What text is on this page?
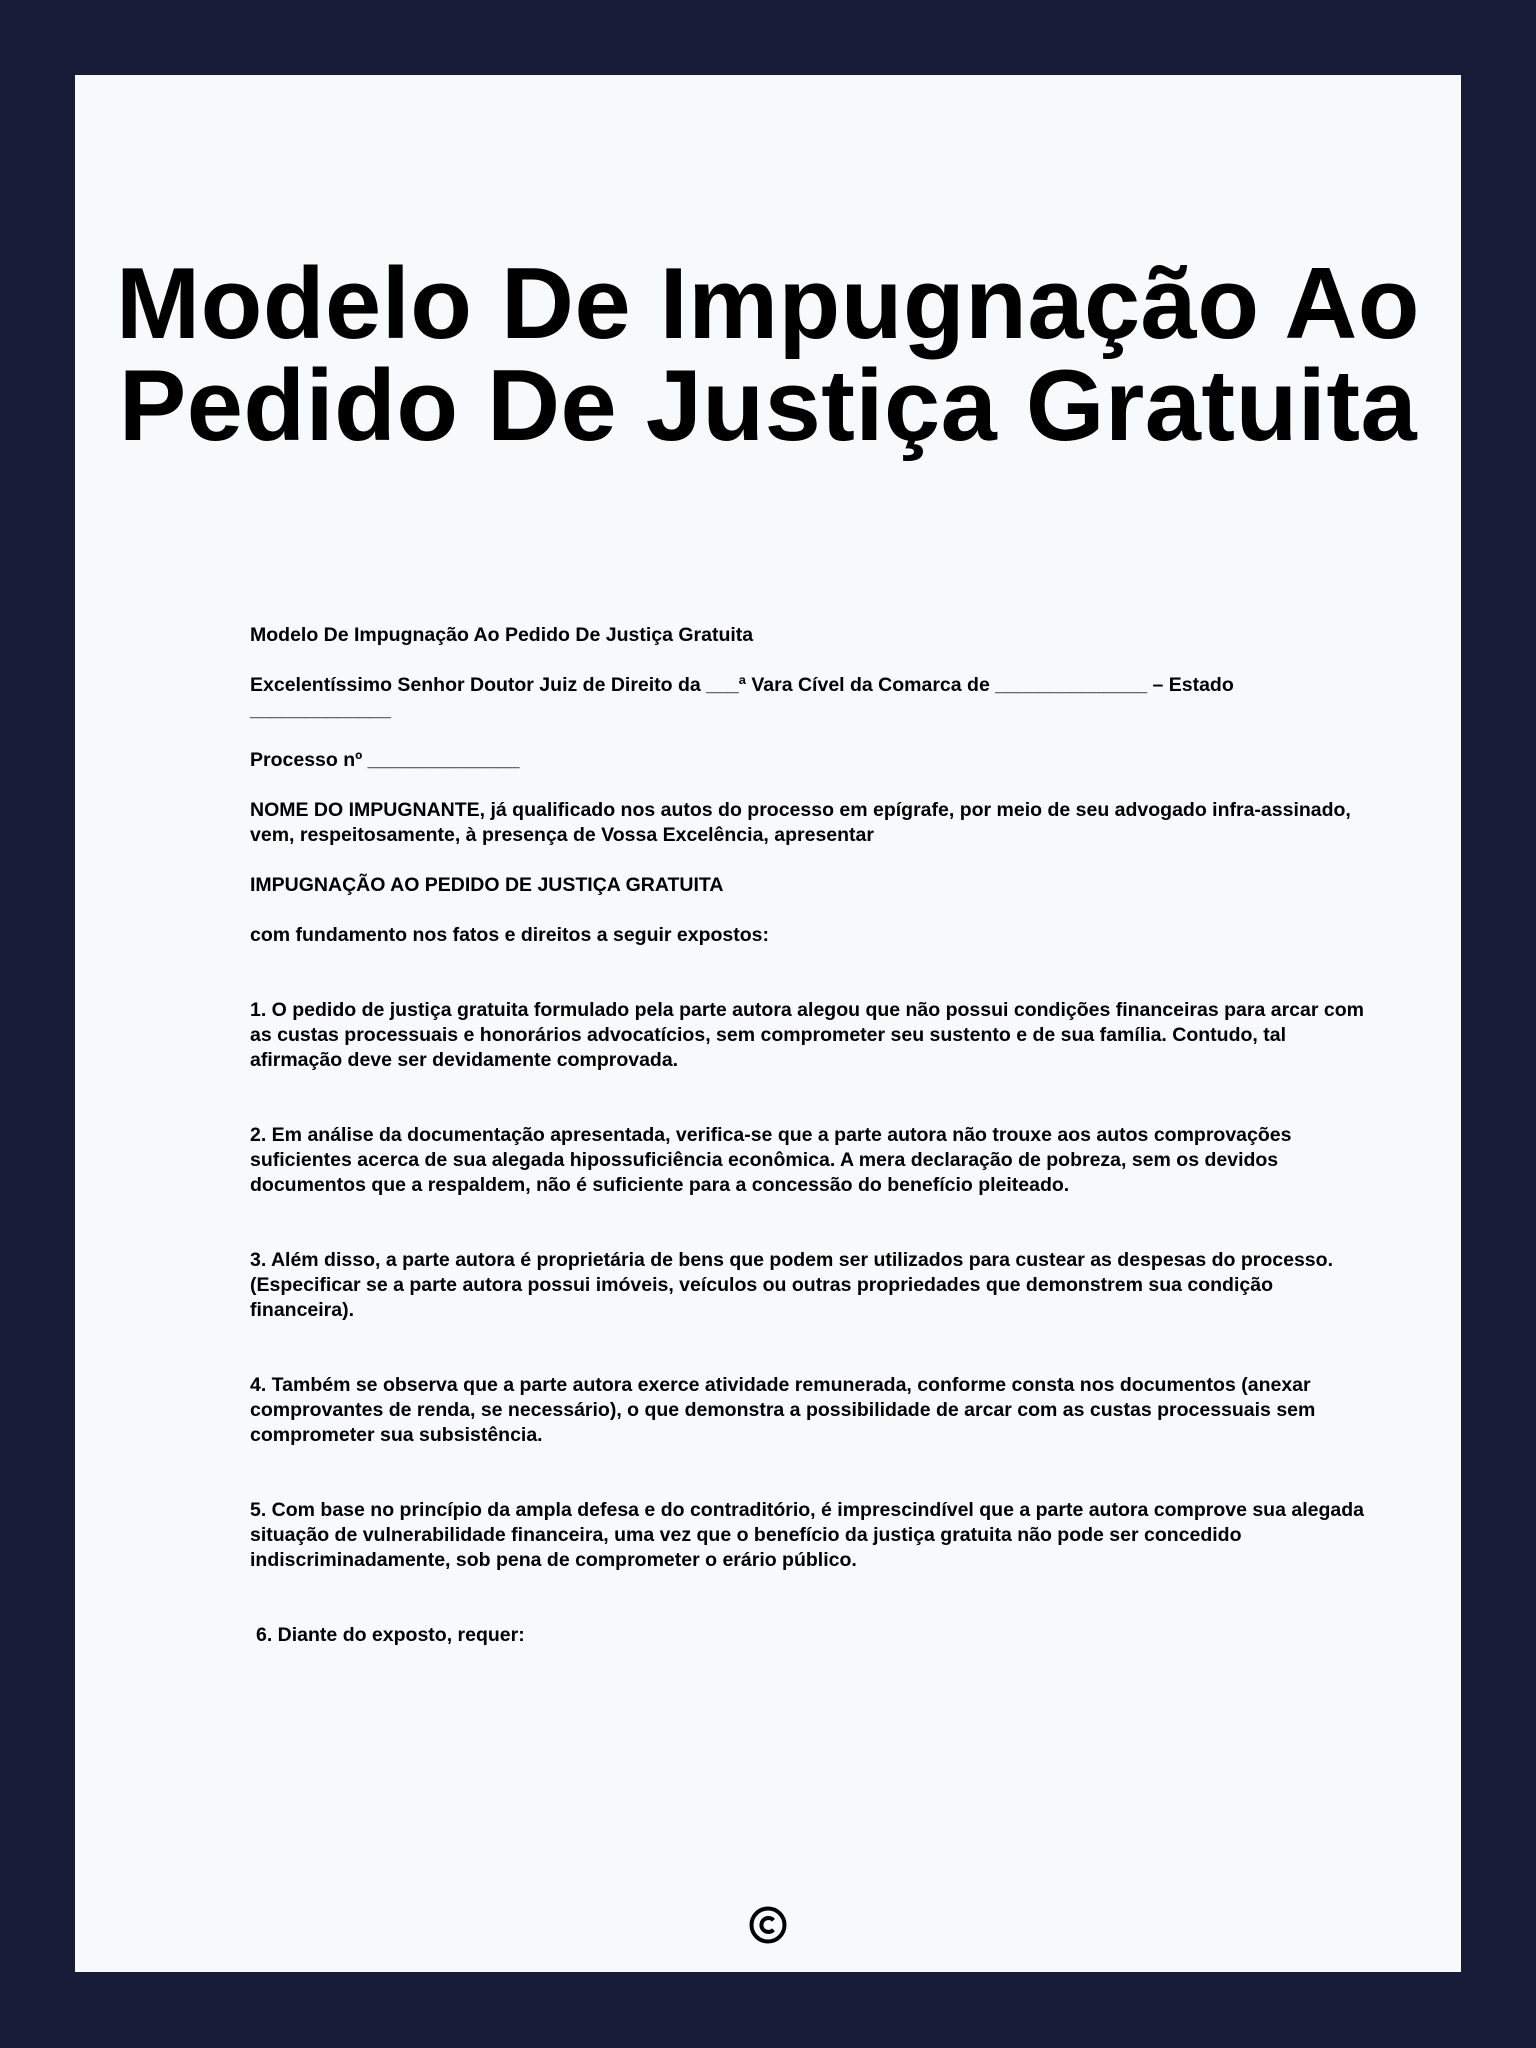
Modelo De Impugnação Ao
Pedido De Justiça Gratuita

Modelo De Impugnação Ao Pedido De Justiça Gratuita

Excelentíssimo Senhor Doutor Juiz de Direito da ___ª Vara Cível da Comarca de ______________ – Estado _____________

Processo nº ______________

NOME DO IMPUGNANTE, já qualificado nos autos do processo em epígrafe, por meio de seu advogado infra-assinado, vem, respeitosamente, à presença de Vossa Excelência, apresentar

IMPUGNAÇÃO AO PEDIDO DE JUSTIÇA GRATUITA

com fundamento nos fatos e direitos a seguir expostos:

1. O pedido de justiça gratuita formulado pela parte autora alegou que não possui condições financeiras para arcar com as custas processuais e honorários advocatícios, sem comprometer seu sustento e de sua família. Contudo, tal afirmação deve ser devidamente comprovada.

2. Em análise da documentação apresentada, verifica-se que a parte autora não trouxe aos autos comprovações suficientes acerca de sua alegada hipossuficiência econômica. A mera declaração de pobreza, sem os devidos documentos que a respaldem, não é suficiente para a concessão do benefício pleiteado.

3. Além disso, a parte autora é proprietária de bens que podem ser utilizados para custear as despesas do processo. (Especificar se a parte autora possui imóveis, veículos ou outras propriedades que demonstrem sua condição financeira).

4. Também se observa que a parte autora exerce atividade remunerada, conforme consta nos documentos (anexar comprovantes de renda, se necessário), o que demonstra a possibilidade de arcar com as custas processuais sem comprometer sua subsistência.

5. Com base no princípio da ampla defesa e do contraditório, é imprescindível que a parte autora comprove sua alegada situação de vulnerabilidade financeira, uma vez que o benefício da justiça gratuita não pode ser concedido indiscriminadamente, sob pena de comprometer o erário público.

6. Diante do exposto, requer:
